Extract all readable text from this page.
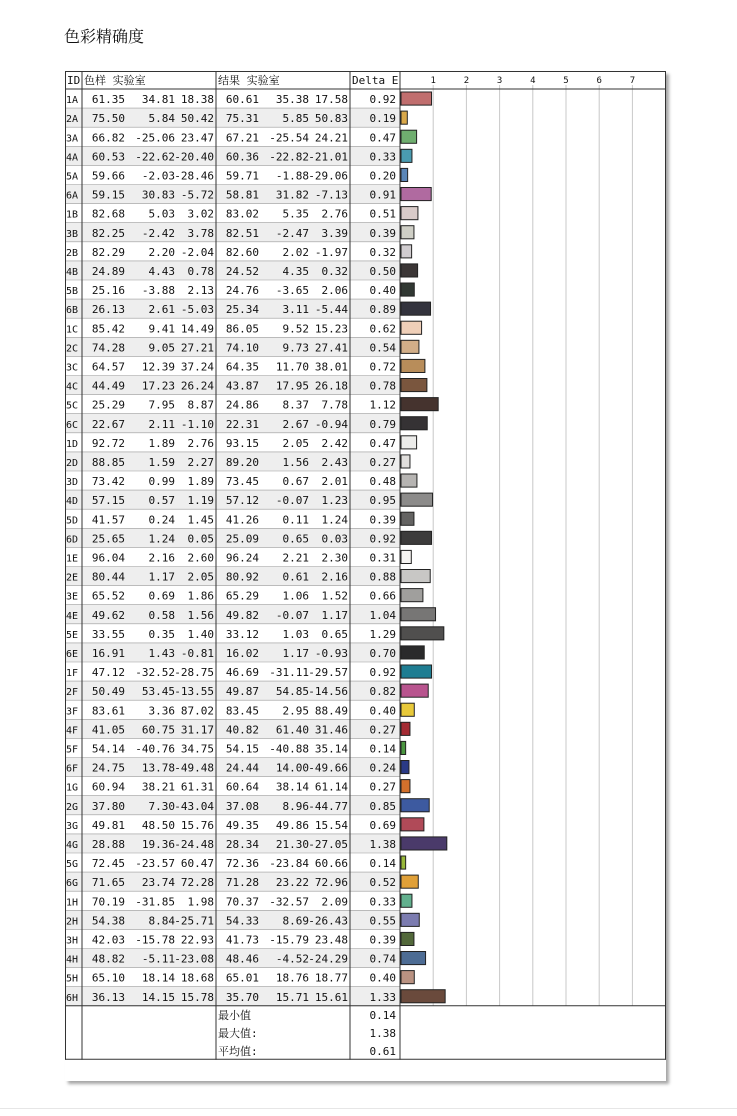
色彩精确度
1	2	3	4	5	6	7
ID 色样 实验室	结果 实验室	Delta E
1A 61.35 34.81 18.38 60.61 35.38 17.58 0.92
2A 75.50 5.84 50.42 75.31 5.85 50.83 0.19
3A 66.82 -25.06 23.47 67.21 -25.54 24.21 0.47
4A 60.53 -22.62 -20.40 60.36 -22.82 -21.01 0.33
5A 59.66 -2.03 -28.46 59.71 -1.88 -29.06 0.20
6A 59.15 30.83 -5.72 58.81 31.82 -7.13 0.91
1B 82.68 5.03 3.02 83.02 5.35 2.76 0.51
3B 82.25 -2.42 3.78 82.51 -2.47 3.39 0.39
2B 82.29 2.20 -2.04 82.60 2.02 -1.97 0.32
4B 24.89 4.43 0.78 24.52 4.35 0.32 0.50
5B 25.16 -3.88 2.13 24.76 -3.65 2.06 0.40
6B 26.13 2.61 -5.03 25.34 3.11 -5.44 0.89
1C 85.42 9.41 14.49 86.05 9.52 15.23 0.62
2C 74.28 9.05 27.21 74.10 9.73 27.41 0.54
3C 64.57 12.39 37.24 64.35 11.70 38.01 0.72
4C 44.49 17.23 26.24 43.87 17.95 26.18 0.78
5C 25.29 7.95 8.87 24.86 8.37 7.78 1.12
6C 22.67 2.11 -1.10 22.31 2.67 -0.94 0.79
1D 92.72 1.89 2.76 93.15 2.05 2.42 0.47
2D 88.85 1.59 2.27 89.20 1.56 2.43 0.27
3D 73.42 0.99 1.89 73.45 0.67 2.01 0.48
4D 57.15 0.57 1.19 57.12 -0.07 1.23 0.95
5D 41.57 0.24 1.45 41.26 0.11 1.24 0.39
6D 25.65 1.24 0.05 25.09 0.65 0.03 0.92
1E 96.04 2.16 2.60 96.24 2.21 2.30 0.31
2E 80.44 1.17 2.05 80.92 0.61 2.16 0.88
3E 65.52 0.69 1.86 65.29 1.06 1.52 0.66
4E 49.62 0.58 1.56 49.82 -0.07 1.17 1.04
5E 33.55 0.35 1.40 33.12 1.03 0.65 1.29
6E 16.91 1.43 -0.81 16.02 1.17 -0.93 0.70
1F 47.12 -32.52 -28.75 46.69 -31.11 -29.57 0.92
2F 50.49 53.45 -13.55 49.87 54.85 -14.56 0.82
3F 83.61 3.36 87.02 83.45 2.95 88.49 0.40
4F 41.05 60.75 31.17 40.82 61.40 31.46 0.27
5F 54.14 -40.76 34.75 54.15 -40.88 35.14 0.14
6F 24.75 13.78 -49.48 24.44 14.00 -49.66 0.24
1G 60.94 38.21 61.31 60.64 38.14 61.14 0.27
2G 37.80 7.30 -43.04 37.08 8.96 -44.77 0.85
3G 49.81 48.50 15.76 49.35 49.86 15.54 0.69
4G 28.88 19.36 -24.48 28.34 21.30 -27.05 1.38
5G 72.45 -23.57 60.47 72.36 -23.84 60.66 0.14
6G 71.65 23.74 72.28 71.28 23.22 72.96 0.52
1H 70.19 -31.85 1.98 70.37 -32.57 2.09 0.33
2H 54.38 8.84 -25.71 54.33 8.69 -26.43 0.55
3H 42.03 -15.78 22.93 41.73 -15.79 23.48 0.39
4H 48.82 -5.11 -23.08 48.46 -4.52 -24.29 0.74
5H 65.10 18.14 18.68 65.01 18.76 18.77 0.40
6H 36.13 14.15 15.78 35.70 15.71 15.61 1.33
最小值	0.14
最大值:	1.38
平均值:	0.61
